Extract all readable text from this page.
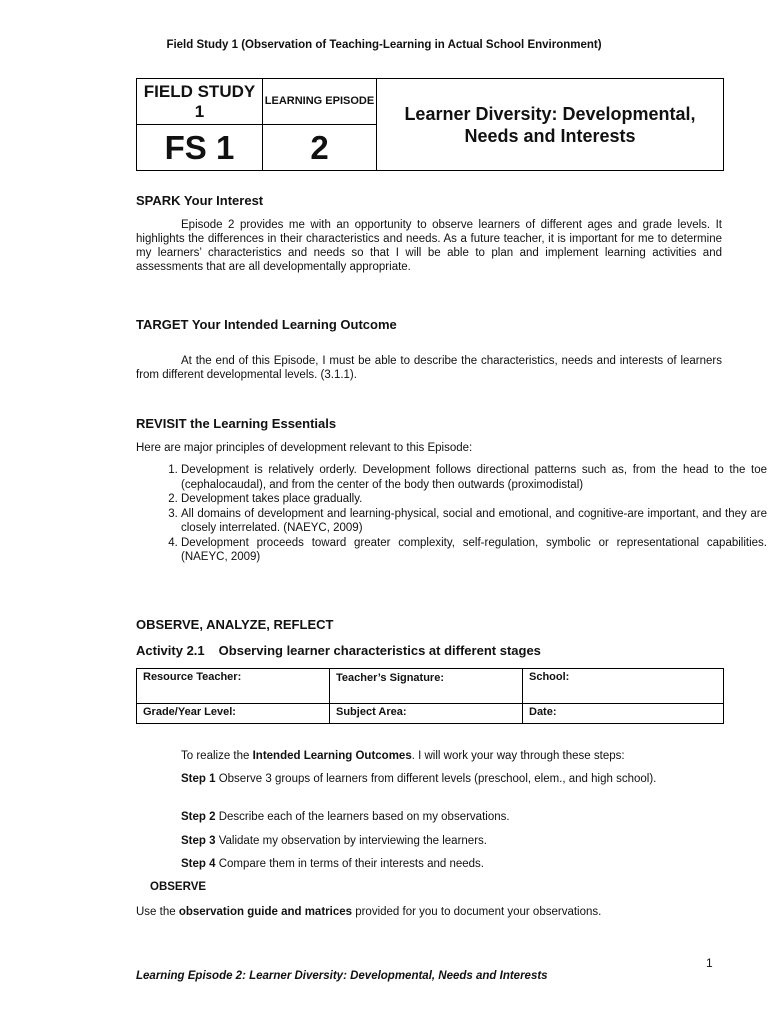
Field Study 1 (Observation of Teaching-Learning in Actual School Environment)
FIELD STUDY 1	LEARNING EPISODE	Learner Diversity: Developmental, Needs and Interests
FS 1	2	
SPARK Your Interest

Episode 2 provides me with an opportunity to observe learners of different ages and grade levels. It highlights the differences in their characteristics and needs. As a future teacher, it is important for me to determine my learners’ characteristics and needs so that I will be able to plan and implement learning activities and assessments that are all developmentally appropriate.

TARGET Your Intended Learning Outcome

At the end of this Episode, I must be able to describe the characteristics, needs and interests of learners from different developmental levels. (3.1.1).

REVISIT the Learning Essentials

Here are major principles of development relevant to this Episode:

1. Development is relatively orderly. Development follows directional patterns such as, from the head to the toe (cephalocaudal), and from the center of the body then outwards (proximodistal)
2. Development takes place gradually.
3. All domains of development and learning-physical, social and emotional, and cognitive-are important, and they are closely interrelated. (NAEYC, 2009)
4. Development proceeds toward greater complexity, self-regulation, symbolic or representational capabilities. (NAEYC, 2009)
OBSERVE, ANALYZE, REFLECT
Activity 2.1 Observing learner characteristics at different stages
Resource Teacher:	Teacher’s Signature:	School:
Grade/Year Level:	Subject Area:	Date:

To realize the Intended Learning Outcomes. I will work your way through these steps:

Step 1 Observe 3 groups of learners from different levels (preschool, elem., and high school).

Step 2 Describe each of the learners based on my observations.

Step 3 Validate my observation by interviewing the learners.

Step 4 Compare them in terms of their interests and needs.

OBSERVE

Use the observation guide and matrices provided for you to document your observations.

1
Learning Episode 2: Learner Diversity: Developmental, Needs and Interests
